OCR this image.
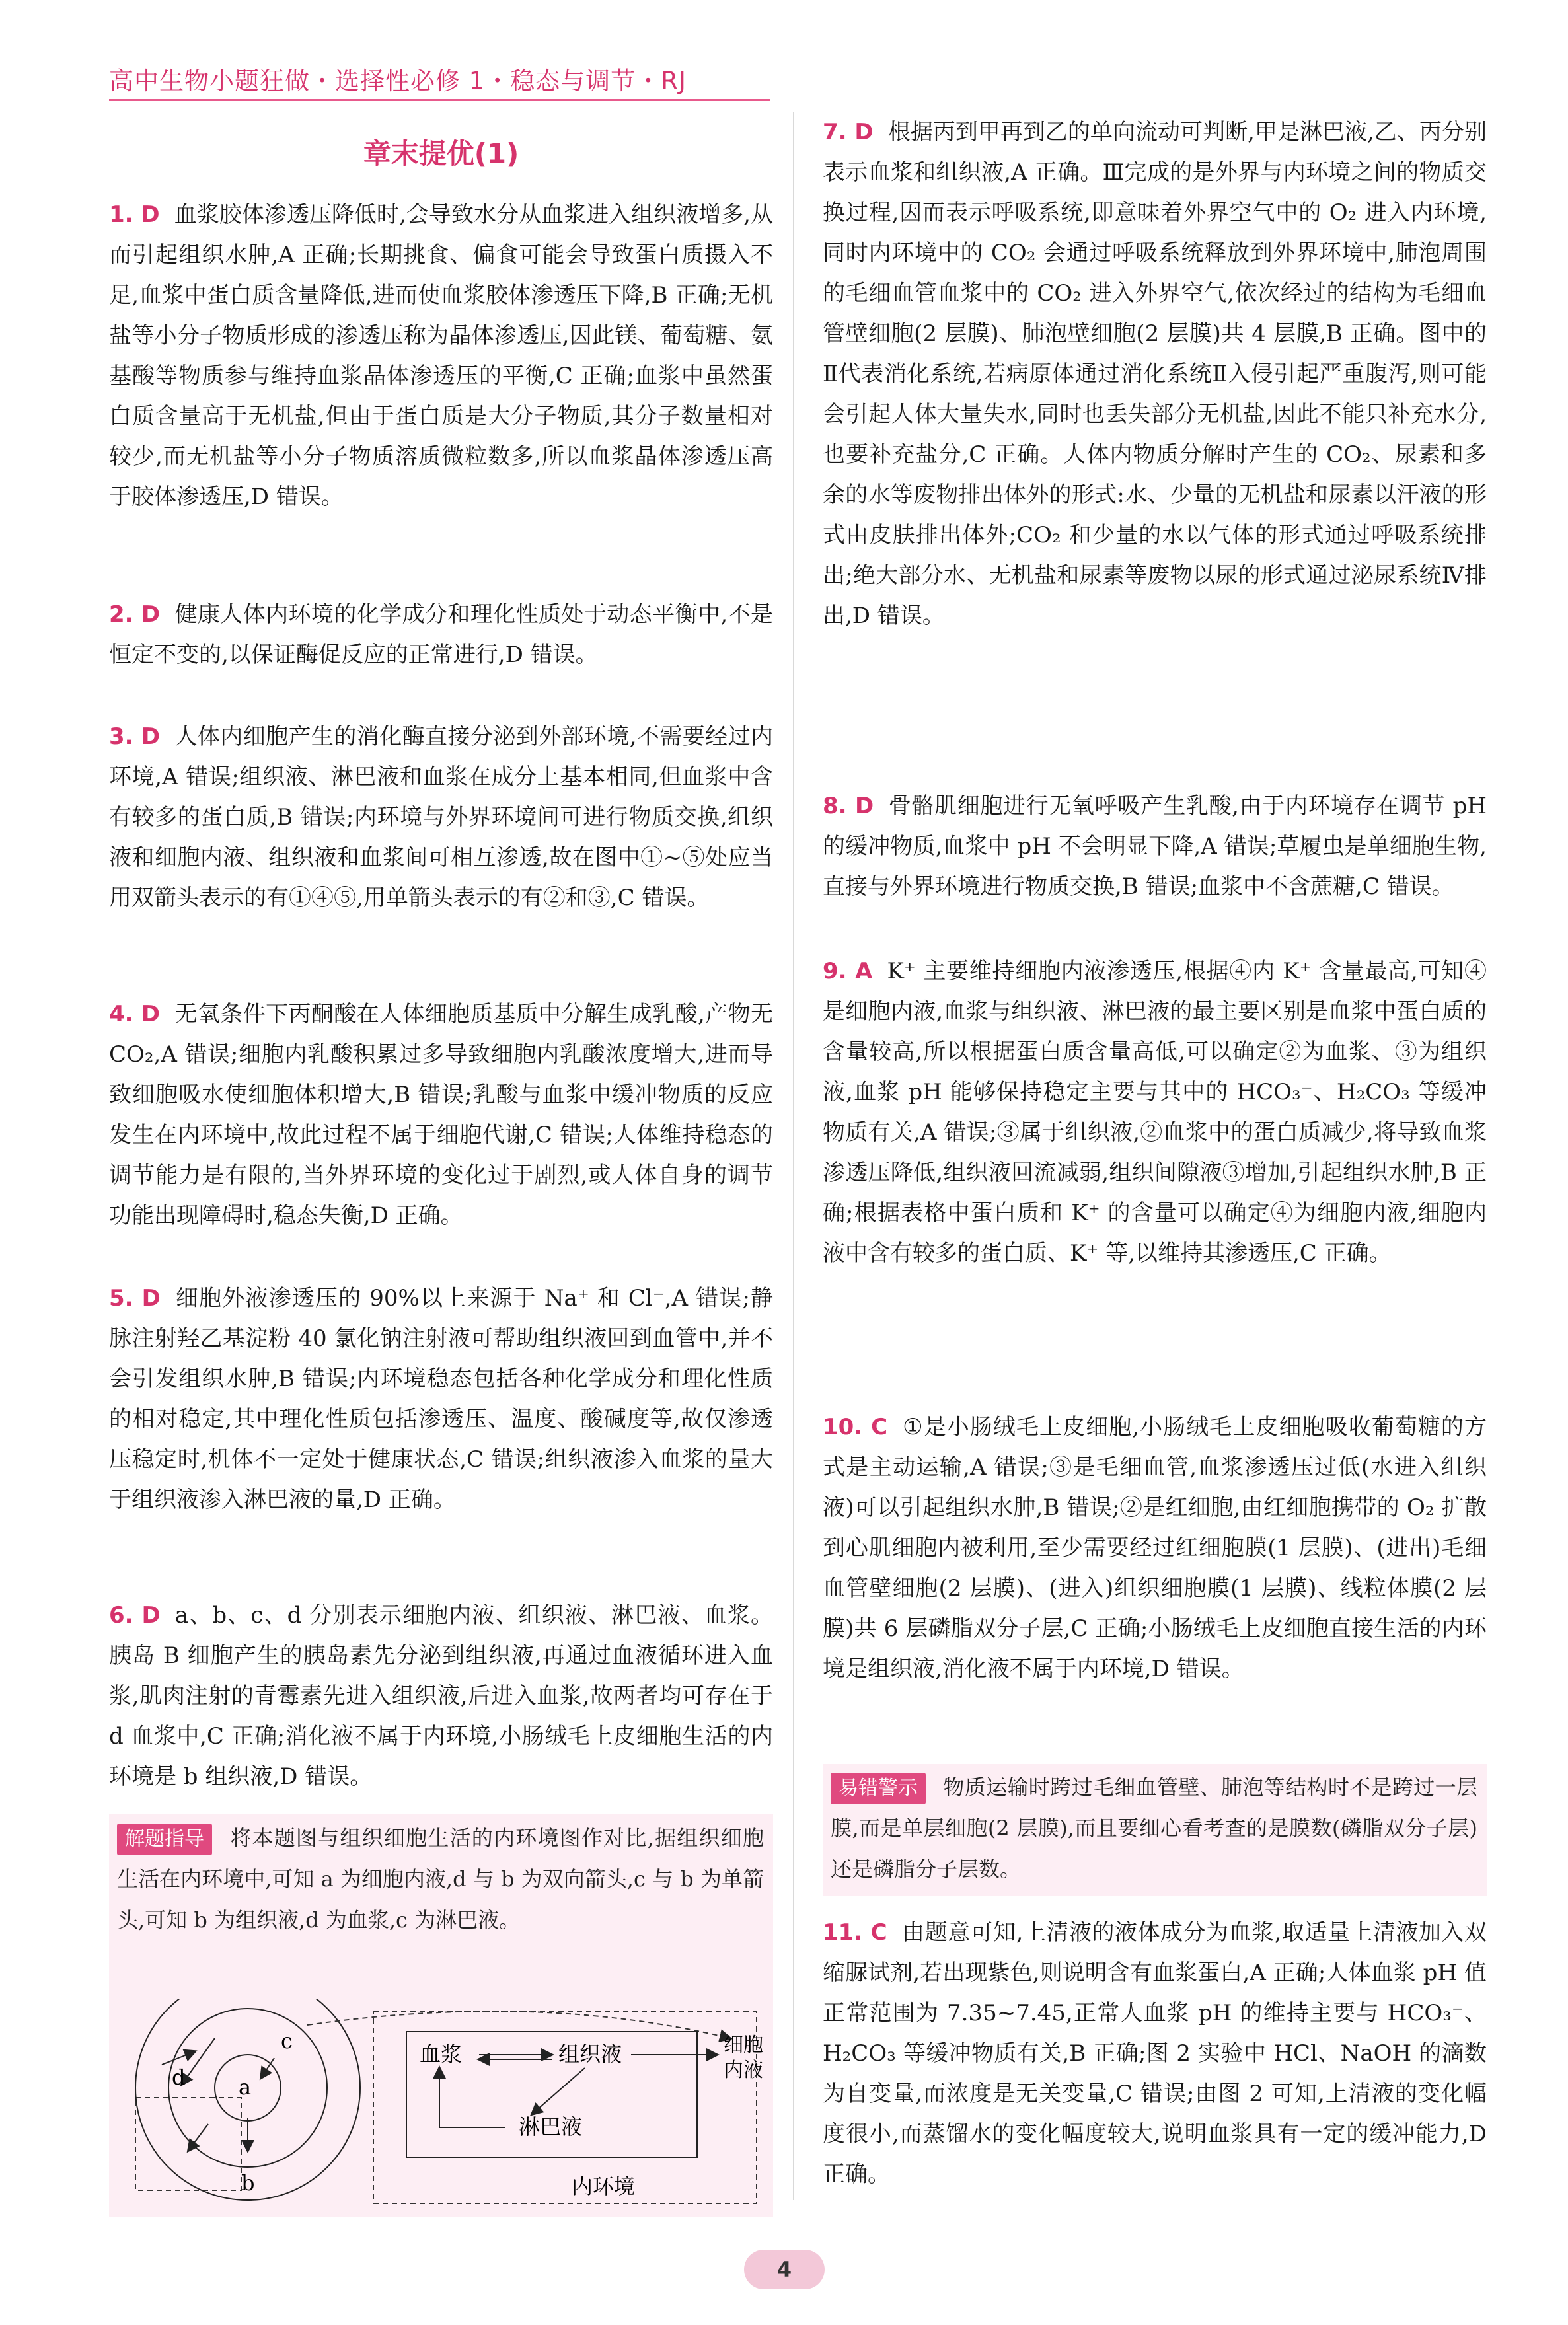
高中生物小题狂做・选择性必修 1・稳态与调节・RJ
章末提优(1)
1. D 血浆胶体渗透压降低时,会导致水分从血浆进入组织液增多,从而引起组织水肿,A 正确;长期挑食、偏食可能会导致蛋白质摄入不足,血浆中蛋白质含量降低,进而使血浆胶体渗透压下降,B 正确;无机盐等小分子物质形成的渗透压称为晶体渗透压,因此镁、葡萄糖、氨基酸等物质参与维持血浆晶体渗透压的平衡,C 正确;血浆中虽然蛋白质含量高于无机盐,但由于蛋白质是大分子物质,其分子数量相对较少,而无机盐等小分子物质溶质微粒数多,所以血浆晶体渗透压高于胶体渗透压,D 错误。
2. D 健康人体内环境的化学成分和理化性质处于动态平衡中,不是恒定不变的,以保证酶促反应的正常进行,D 错误。
3. D 人体内细胞产生的消化酶直接分泌到外部环境,不需要经过内环境,A 错误;组织液、淋巴液和血浆在成分上基本相同,但血浆中含有较多的蛋白质,B 错误;内环境与外界环境间可进行物质交换,组织液和细胞内液、组织液和血浆间可相互渗透,故在图中①~⑤处应当用双箭头表示的有①④⑤,用单箭头表示的有②和③,C 错误。
4. D 无氧条件下丙酮酸在人体细胞质基质中分解生成乳酸,产物无 CO₂,A 错误;细胞内乳酸积累过多导致细胞内乳酸浓度增大,进而导致细胞吸水使细胞体积增大,B 错误;乳酸与血浆中缓冲物质的反应发生在内环境中,故此过程不属于细胞代谢,C 错误;人体维持稳态的调节能力是有限的,当外界环境的变化过于剧烈,或人体自身的调节功能出现障碍时,稳态失衡,D 正确。
5. D 细胞外液渗透压的 90%以上来源于 Na⁺ 和 Cl⁻,A 错误;静脉注射羟乙基淀粉 40 氯化钠注射液可帮助组织液回到血管中,并不会引发组织水肿,B 错误;内环境稳态包括各种化学成分和理化性质的相对稳定,其中理化性质包括渗透压、温度、酸碱度等,故仅渗透压稳定时,机体不一定处于健康状态,C 错误;组织液渗入血浆的量大于组织液渗入淋巴液的量,D 正确。
6. D a、b、c、d 分别表示细胞内液、组织液、淋巴液、血浆。胰岛 B 细胞产生的胰岛素先分泌到组织液,再通过血液循环进入血浆,肌肉注射的青霉素先进入组织液,后进入血浆,故两者均可存在于 d 血浆中,C 正确;消化液不属于内环境,小肠绒毛上皮细胞生活的内环境是 b 组织液,D 错误。
解题指导 将本题图与组织细胞生活的内环境图作对比,据组织细胞生活在内环境中,可知 a 为细胞内液,d 与 b 为双向箭头,c 与 b 为单箭头,可知 b 为组织液,d 为血浆,c 为淋巴液。
a
b
c
d
血浆	组织液
淋巴液
细胞
内液
内环境
7. D 根据丙到甲再到乙的单向流动可判断,甲是淋巴液,乙、丙分别表示血浆和组织液,A 正确。Ⅲ完成的是外界与内环境之间的物质交换过程,因而表示呼吸系统,即意味着外界空气中的 O₂ 进入内环境,同时内环境中的 CO₂ 会通过呼吸系统释放到外界环境中,肺泡周围的毛细血管血浆中的 CO₂ 进入外界空气,依次经过的结构为毛细血管壁细胞(2 层膜)、肺泡壁细胞(2 层膜)共 4 层膜,B 正确。图中的Ⅱ代表消化系统,若病原体通过消化系统Ⅱ入侵引起严重腹泻,则可能会引起人体大量失水,同时也丢失部分无机盐,因此不能只补充水分,也要补充盐分,C 正确。人体内物质分解时产生的 CO₂、尿素和多余的水等废物排出体外的形式:水、少量的无机盐和尿素以汗液的形式由皮肤排出体外;CO₂ 和少量的水以气体的形式通过呼吸系统排出;绝大部分水、无机盐和尿素等废物以尿的形式通过泌尿系统Ⅳ排出,D 错误。
8. D 骨骼肌细胞进行无氧呼吸产生乳酸,由于内环境存在调节 pH 的缓冲物质,血浆中 pH 不会明显下降,A 错误;草履虫是单细胞生物,直接与外界环境进行物质交换,B 错误;血浆中不含蔗糖,C 错误。
9. A K⁺ 主要维持细胞内液渗透压,根据④内 K⁺ 含量最高,可知④是细胞内液,血浆与组织液、淋巴液的最主要区别是血浆中蛋白质的含量较高,所以根据蛋白质含量高低,可以确定②为血浆、③为组织液,血浆 pH 能够保持稳定主要与其中的 HCO₃⁻、H₂CO₃ 等缓冲物质有关,A 错误;③属于组织液,②血浆中的蛋白质减少,将导致血浆渗透压降低,组织液回流减弱,组织间隙液③增加,引起组织水肿,B 正确;根据表格中蛋白质和 K⁺ 的含量可以确定④为细胞内液,细胞内液中含有较多的蛋白质、K⁺ 等,以维持其渗透压,C 正确。
10. C ①是小肠绒毛上皮细胞,小肠绒毛上皮细胞吸收葡萄糖的方式是主动运输,A 错误;③是毛细血管,血浆渗透压过低(水进入组织液)可以引起组织水肿,B 错误;②是红细胞,由红细胞携带的 O₂ 扩散到心肌细胞内被利用,至少需要经过红细胞膜(1 层膜)、(进出)毛细血管壁细胞(2 层膜)、(进入)组织细胞膜(1 层膜)、线粒体膜(2 层膜)共 6 层磷脂双分子层,C 正确;小肠绒毛上皮细胞直接生活的内环境是组织液,消化液不属于内环境,D 错误。
易错警示 物质运输时跨过毛细血管壁、肺泡等结构时不是跨过一层膜,而是单层细胞(2 层膜),而且要细心看考查的是膜数(磷脂双分子层)还是磷脂分子层数。
11. C 由题意可知,上清液的液体成分为血浆,取适量上清液加入双缩脲试剂,若出现紫色,则说明含有血浆蛋白,A 正确;人体血浆 pH 值正常范围为 7.35~7.45,正常人血浆 pH 的维持主要与 HCO₃⁻、H₂CO₃ 等缓冲物质有关,B 正确;图 2 实验中 HCl、NaOH 的滴数为自变量,而浓度是无关变量,C 错误;由图 2 可知,上清液的变化幅度很小,而蒸馏水的变化幅度较大,说明血浆具有一定的缓冲能力,D 正确。
4
